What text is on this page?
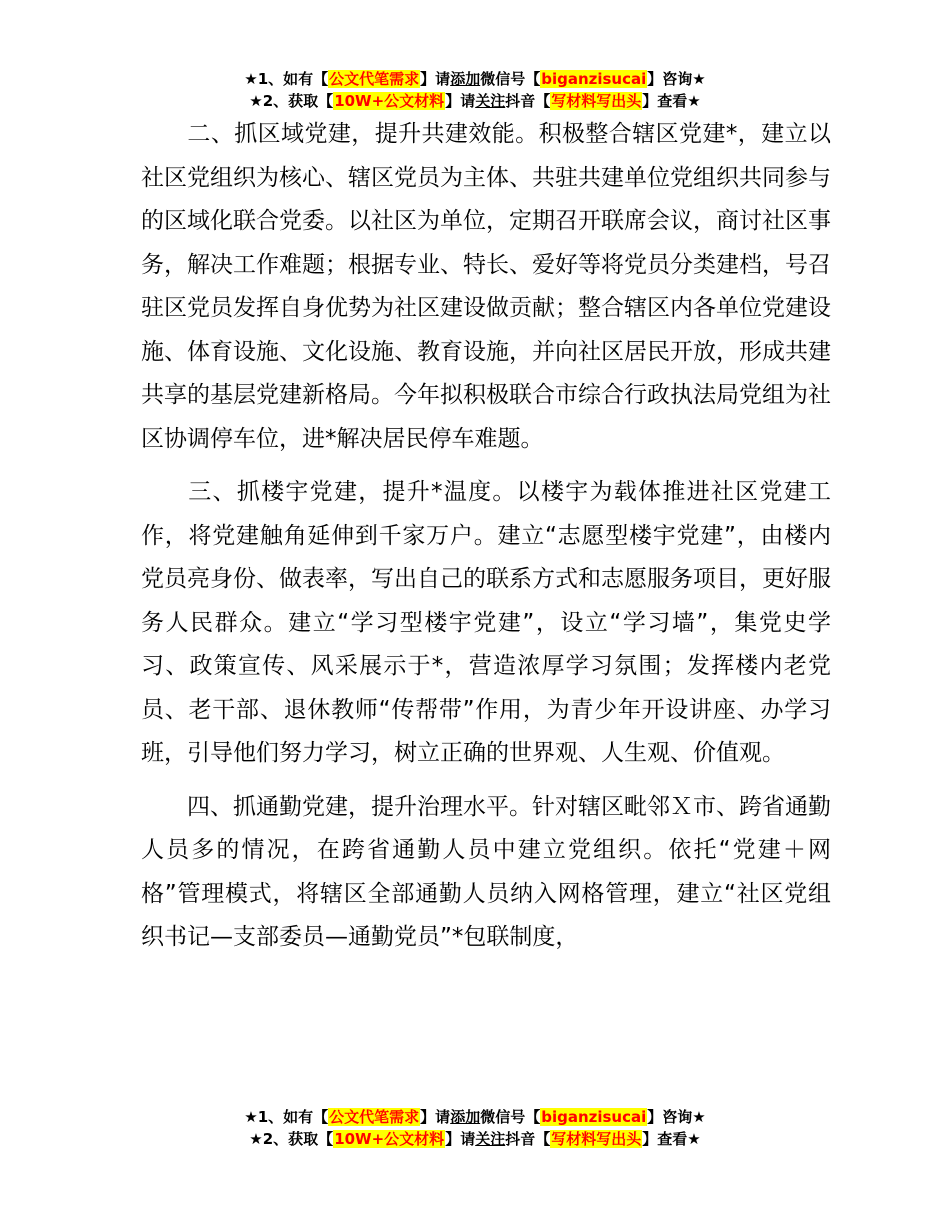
★1、如有【公文代笔需求】请添加微信号【biganzisucai】咨询★
★2、获取【10W+公文材料】请关注抖音【写材料写出头】查看★

二、抓区域党建，提升共建效能。积极整合辖区党建*，建立以社区党组织为核心、辖区党员为主体、共驻共建单位党组织共同参与的区域化联合党委。以社区为单位，定期召开联席会议，商讨社区事务，解决工作难题；根据专业、特长、爱好等将党员分类建档，号召驻区党员发挥自身优势为社区建设做贡献；整合辖区内各单位党建设施、体育设施、文化设施、教育设施，并向社区居民开放，形成共建共享的基层党建新格局。今年拟积极联合市综合行政执法局党组为社区协调停车位，进*解决居民停车难题。

三、抓楼宇党建，提升*温度。以楼宇为载体推进社区党建工作，将党建触角延伸到千家万户。建立“志愿型楼宇党建”，由楼内党员亮身份、做表率，写出自己的联系方式和志愿服务项目，更好服务人民群众。建立“学习型楼宇党建”，设立“学习墙”，集党史学习、政策宣传、风采展示于*，营造浓厚学习氛围；发挥楼内老党员、老干部、退休教师“传帮带”作用，为青少年开设讲座、办学习班，引导他们努力学习，树立正确的世界观、人生观、价值观。

四、抓通勤党建，提升治理水平。针对辖区毗邻Ｘ市、跨省通勤人员多的情况，在跨省通勤人员中建立党组织。依托“党建＋网格”管理模式，将辖区全部通勤人员纳入网格管理，建立“社区党组织书记—支部委员—通勤党员”*包联制度，

★1、如有【公文代笔需求】请添加微信号【biganzisucai】咨询★
★2、获取【10W+公文材料】请关注抖音【写材料写出头】查看★
